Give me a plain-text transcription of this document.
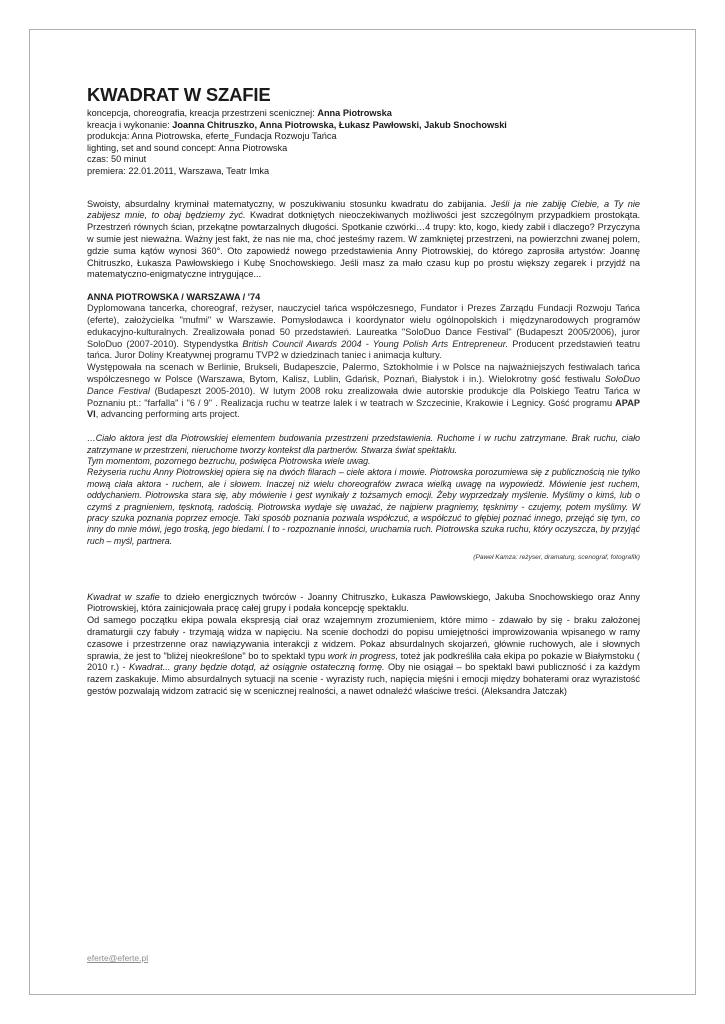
KWADRAT W SZAFIE
koncepcja, choreografia, kreacja przestrzeni scenicznej: Anna Piotrowska
kreacja i wykonanie: Joanna Chitruszko, Anna Piotrowska, Łukasz Pawłowski, Jakub Snochowski
produkcja: Anna Piotrowska, eferte_Fundacja Rozwoju Tańca
lighting, set and sound concept: Anna Piotrowska
czas: 50 minut
premiera: 22.01.2011, Warszawa, Teatr Imka

Swoisty, absurdalny kryminał matematyczny, w poszukiwaniu stosunku kwadratu do zabijania. Jeśli ja nie zabiję Ciebie, a Ty nie zabijesz mnie, to obaj będziemy żyć. Kwadrat dotkniętych nieoczekiwanych możliwości jest szczególnym przypadkiem prostokąta. Przestrzeń równych ścian, przekątne powtarzalnych długości. Spotkanie czwórki…4 trupy: kto, kogo, kiedy zabił i dlaczego? Przyczyna w sumie jest nieważna. Ważny jest fakt, że nas nie ma, choć jesteśmy razem. W zamkniętej przestrzeni, na powierzchni zwanej polem, gdzie suma kątów wynosi 360°. Oto zapowiedź nowego przedstawienia Anny Piotrowskiej, do którego zaprosiła artystów: Joannę Chitruszko, Łukasza Pawłowskiego i Kubę Snochowskiego. Jeśli masz za mało czasu kup po prostu większy zegarek i przyjdź na matematyczno-enigmatyczne intrygujące...

ANNA PIOTROWSKA / WARSZAWA / '74

Dyplomowana tancerka, choreograf, reżyser, nauczyciel tańca współczesnego, Fundator i Prezes Zarządu Fundacji Rozwoju Tańca (eferte), założycielka "mufmi" w Warszawie. Pomysłodawca i koordynator wielu ogólnopolskich i międzynarodowych programów edukacyjno-kulturalnych. Zrealizowała ponad 50 przedstawień. Laureatka "SoloDuo Dance Festival" (Budapeszt 2005/2006), juror SoloDuo (2007-2010). Stypendystka British Council Awards 2004 - Young Polish Arts Entrepreneur. Producent przedstawień teatru tańca. Juror Doliny Kreatywnej programu TVP2 w dziedzinach taniec i animacja kultury.

Występowała na scenach w Berlinie, Brukseli, Budapeszcie, Palermo, Sztokholmie i w Polsce na najważniejszych festiwalach tańca współczesnego w Polsce (Warszawa, Bytom, Kalisz, Lublin, Gdańsk, Poznań, Białystok i in.). Wielokrotny gość festiwalu SoloDuo Dance Festival (Budapeszt 2005-2010). W lutym 2008 roku zrealizowała dwie autorskie produkcje dla Polskiego Teatru Tańca w Poznaniu pt.: "farfalla" i "6 / 9" . Realizacja ruchu w teatrze lalek i w teatrach w Szczecinie, Krakowie i Legnicy. Gość programu APAP VI, advancing performing arts project.

…Ciało aktora jest dla Piotrowskiej elementem budowania przestrzeni przedstawienia. Ruchome i w ruchu zatrzymane. Brak ruchu, ciało zatrzymane w przestrzeni, nieruchome tworzy kontekst dla partnerów. Stwarza świat spektaklu.

Tym momentom, pozornego bezruchu, poświęca Piotrowska wiele uwag.

Reżyseria ruchu Anny Piotrowskiej opiera się na dwóch filarach – ciele aktora i mowie. Piotrowska porozumiewa się z publicznością nie tylko mową ciała aktora - ruchem, ale i słowem. Inaczej niż wielu choreografów zwraca wielką uwagę na wypowiedź. Mówienie jest ruchem, oddychaniem. Piotrowska stara się, aby mówienie i gest wynikały z tożsamych emocji. Żeby wyprzedzały myślenie. Myślimy o kimś, lub o czymś z pragnieniem, tęsknotą, radością. Piotrowska wydaje się uważać, że najpierw pragniemy, tęsknimy - czujemy, potem myślimy. W pracy szuka poznania poprzez emocje. Taki sposób poznania pozwala współczuć, a współczuć to głębiej poznać innego, przejąć się tym, co inny do mnie mówi, jego troską, jego biedami. I to - rozpoznanie inności, uruchamia ruch. Piotrowska szuka ruchu, który oczyszcza, by przyjąć ruch – myśl, partnera.

(Paweł Kamza: reżyser, dramaturg, scenograf, fotografik)

Kwadrat w szafie to dzieło energicznych twórców - Joanny Chitruszko, Łukasza Pawłowskiego, Jakuba Snochowskiego oraz Anny Piotrowskiej, która zainicjowała pracę całej grupy i podała koncepcję spektaklu.

Od samego początku ekipa powala ekspresją ciał oraz wzajemnym zrozumieniem, które mimo - zdawało by się - braku założonej dramaturgii czy fabuły - trzymają widza w napięciu. Na scenie dochodzi do popisu umiejętności improwizowania wpisanego w ramy czasowe i przestrzenne oraz nawiązywania interakcji z widzem. Pokaz absurdalnych skojarzeń, głównie ruchowych, ale i słownych sprawia, że jest to "bliżej nieokreślone" bo to spektakl typu work in progress, toteż jak podkreśliła cała ekipa po pokazie w Białymstoku ( 2010 r.) - Kwadrat... grany będzie dotąd, aż osiągnie ostateczną formę. Oby nie osiągał – bo spektakl bawi publiczność i za każdym razem zaskakuje. Mimo absurdalnych sytuacji na scenie - wyrazisty ruch, napięcia mięśni i emocji między bohaterami oraz wyrazistość gestów pozwalają widzom zatracić się w scenicznej realności, a nawet odnaleźć właściwe treści. (Aleksandra Jatczak)

eferte@eferte.pl
